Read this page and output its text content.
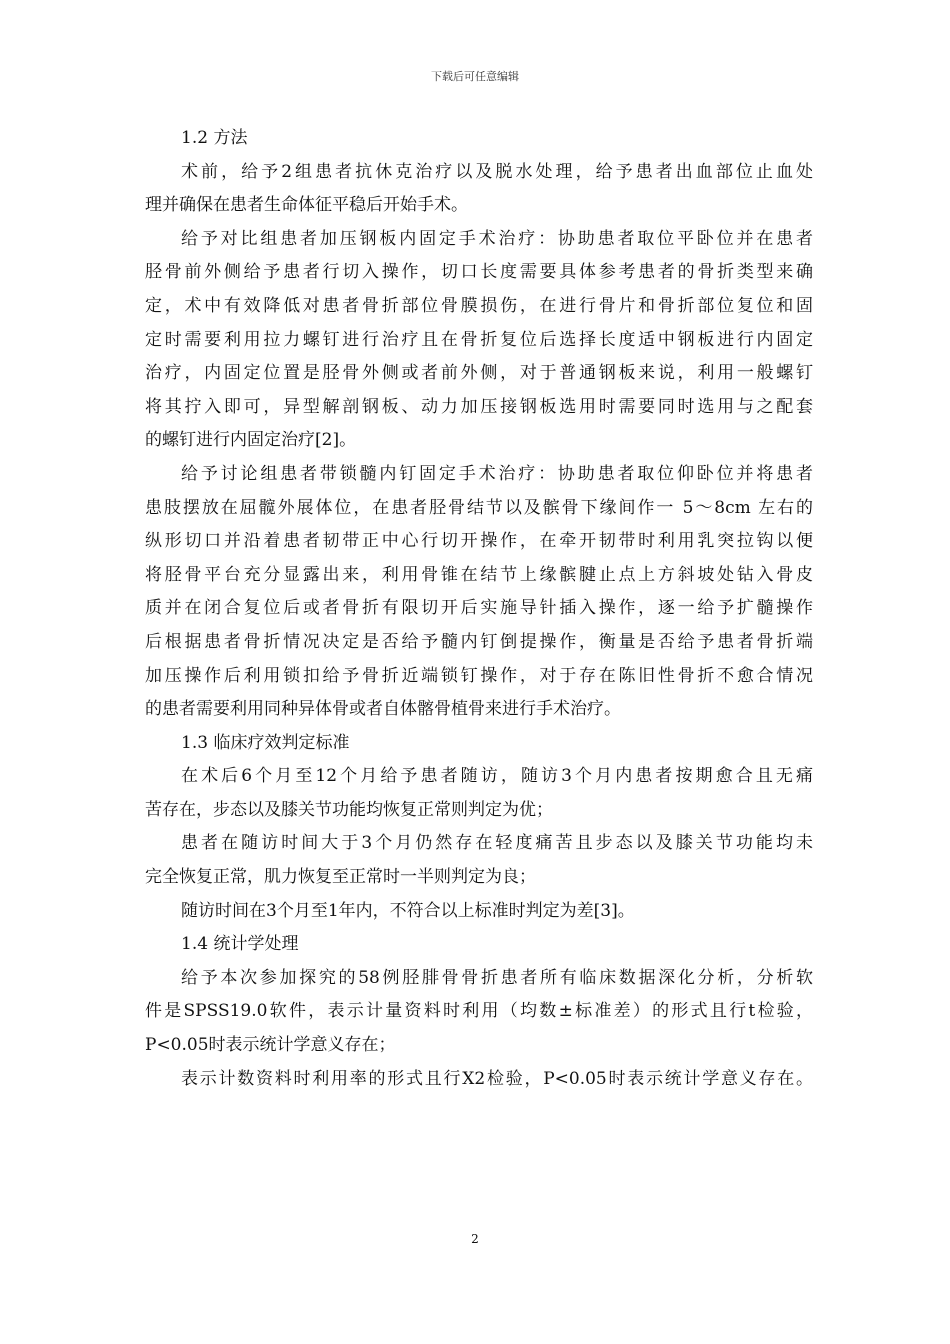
下载后可任意编辑
1.2 方法
术前，给予2组患者抗休克治疗以及脱水处理，给予患者出血部位止血处
理并确保在患者生命体征平稳后开始手术。
给予对比组患者加压钢板内固定手术治疗：协助患者取位平卧位并在患者
胫骨前外侧给予患者行切入操作，切口长度需要具体参考患者的骨折类型来确
定，术中有效降低对患者骨折部位骨膜损伤，在进行骨片和骨折部位复位和固
定时需要利用拉力螺钉进行治疗且在骨折复位后选择长度适中钢板进行内固定
治疗，内固定位置是胫骨外侧或者前外侧，对于普通钢板来说，利用一般螺钉
将其拧入即可，异型解剖钢板、动力加压接钢板选用时需要同时选用与之配套
的螺钉进行内固定治疗[2]。
给予讨论组患者带锁髓内钉固定手术治疗：协助患者取位仰卧位并将患者
患肢摆放在屈髋外展体位，在患者胫骨结节以及髌骨下缘间作一 5～8cm 左右的
纵形切口并沿着患者韧带正中心行切开操作，在牵开韧带时利用乳突拉钩以便
将胫骨平台充分显露出来，利用骨锥在结节上缘髌腱止点上方斜坡处钻入骨皮
质并在闭合复位后或者骨折有限切开后实施导针插入操作，逐一给予扩髓操作
后根据患者骨折情况决定是否给予髓内钉倒提操作，衡量是否给予患者骨折端
加压操作后利用锁扣给予骨折近端锁钉操作，对于存在陈旧性骨折不愈合情况
的患者需要利用同种异体骨或者自体髂骨植骨来进行手术治疗。
1.3 临床疗效判定标准
在术后6个月至12个月给予患者随访，随访3个月内患者按期愈合且无痛
苦存在，步态以及膝关节功能均恢复正常则判定为优；
患者在随访时间大于3个月仍然存在轻度痛苦且步态以及膝关节功能均未
完全恢复正常，肌力恢复至正常时一半则判定为良；
随访时间在3个月至1年内，不符合以上标准时判定为差[3]。
1.4 统计学处理
给予本次参加探究的58例胫腓骨骨折患者所有临床数据深化分析，分析软
件是SPSS19.0软件，表示计量资料时利用（均数±标准差）的形式且行t检验，
P<0.05时表示统计学意义存在；
表示计数资料时利用率的形式且行X2检验，P<0.05时表示统计学意义存在。
2
